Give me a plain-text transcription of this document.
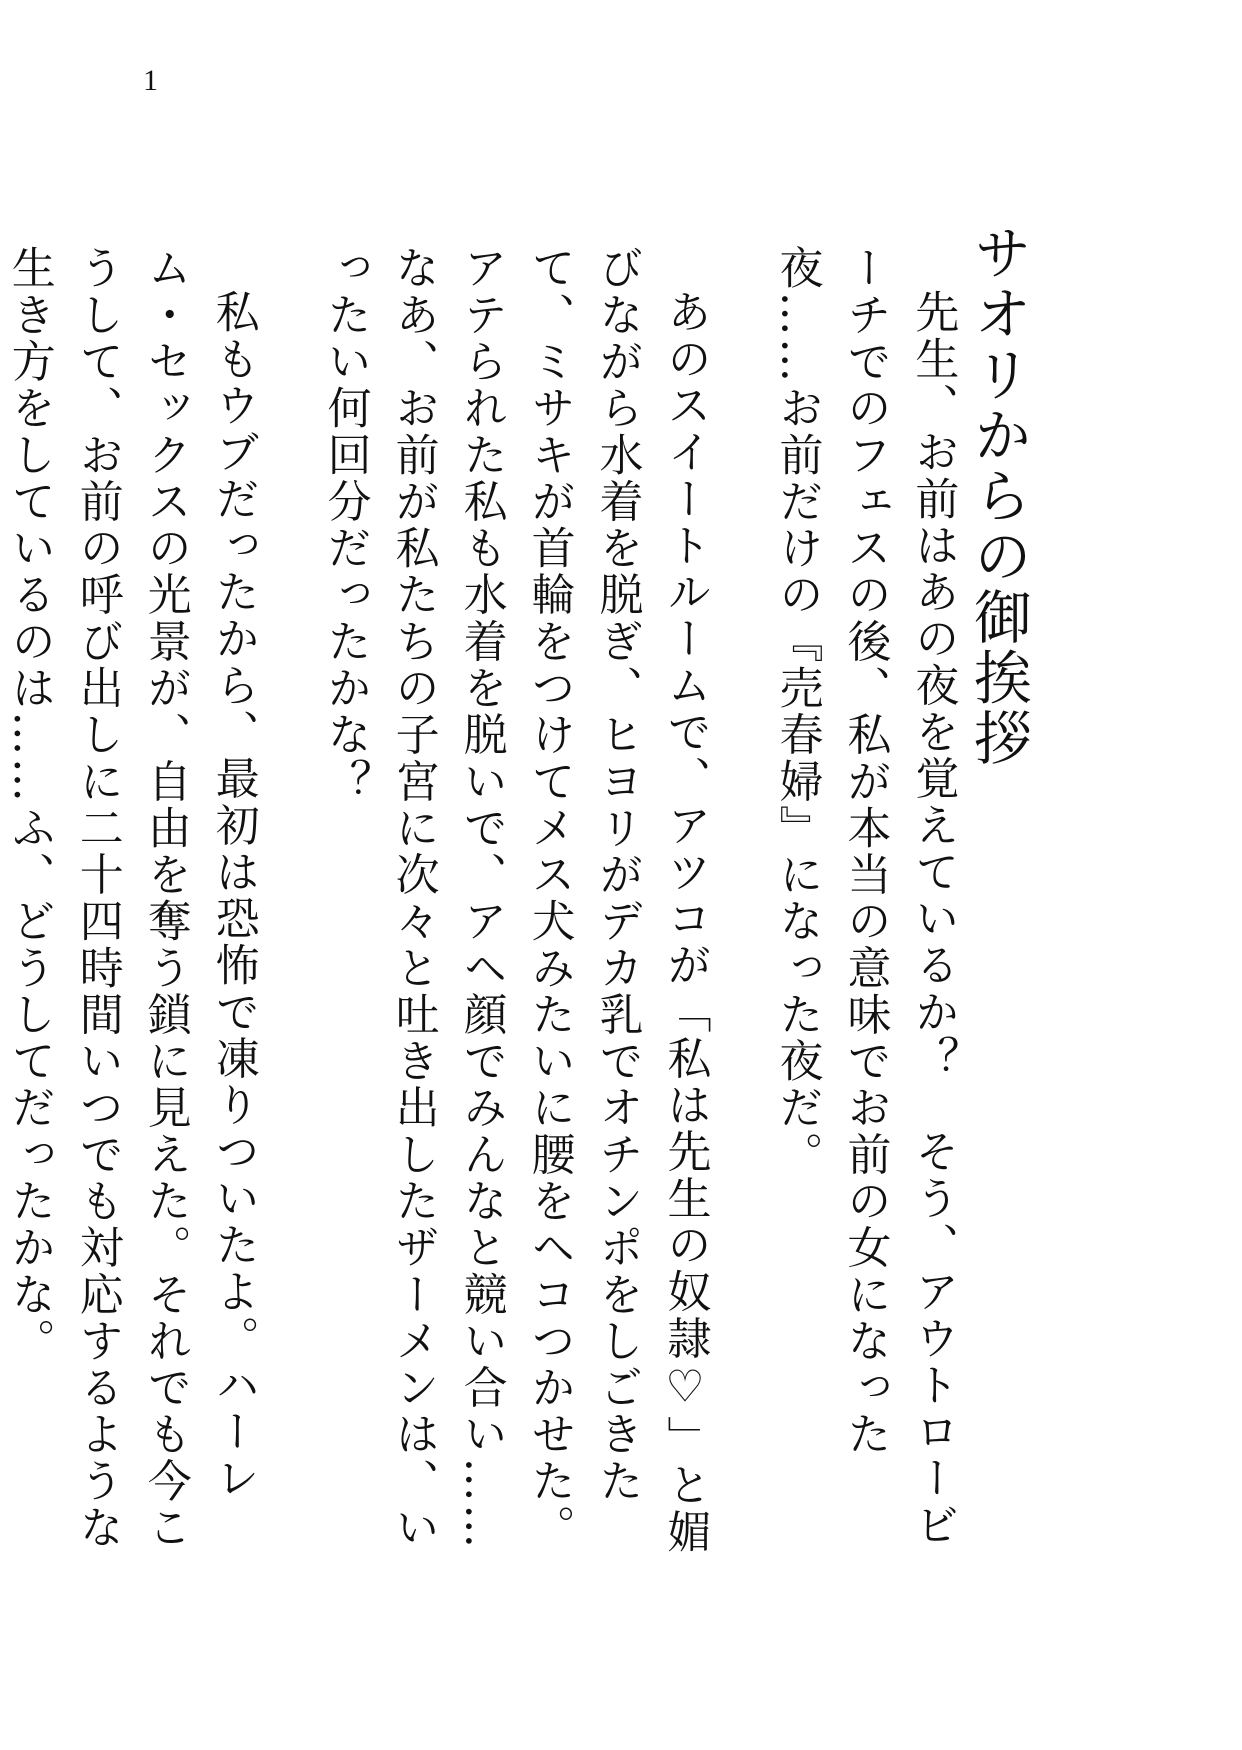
1
サオリからの御挨拶

先生、お前はあの夜を覚えているか？　そう、アウトロービーチでのフェスの後、私が本当の意味でお前の女になった夜……お前だけの『売春婦』になった夜だ。

あのスイートルームで、アツコが「私は先生の奴隷♡」と媚びながら水着を脱ぎ、ヒヨリがデカ乳でオチンポをしごきたて、ミサキが首輪をつけてメス犬みたいに腰をヘコつかせた。アテられた私も水着を脱いで、アヘ顔でみんなと競い合い……なあ、お前が私たちの子宮に次々と吐き出したザーメンは、いったい何回分だったかな？

私もウブだったから、最初は恐怖で凍りついたよ。ハーレム・セックスの光景が、自由を奪う鎖に見えた。それでも今こうして、お前の呼び出しに二十四時間いつでも対応するような生き方をしているのは……ふ、どうしてだったかな。
